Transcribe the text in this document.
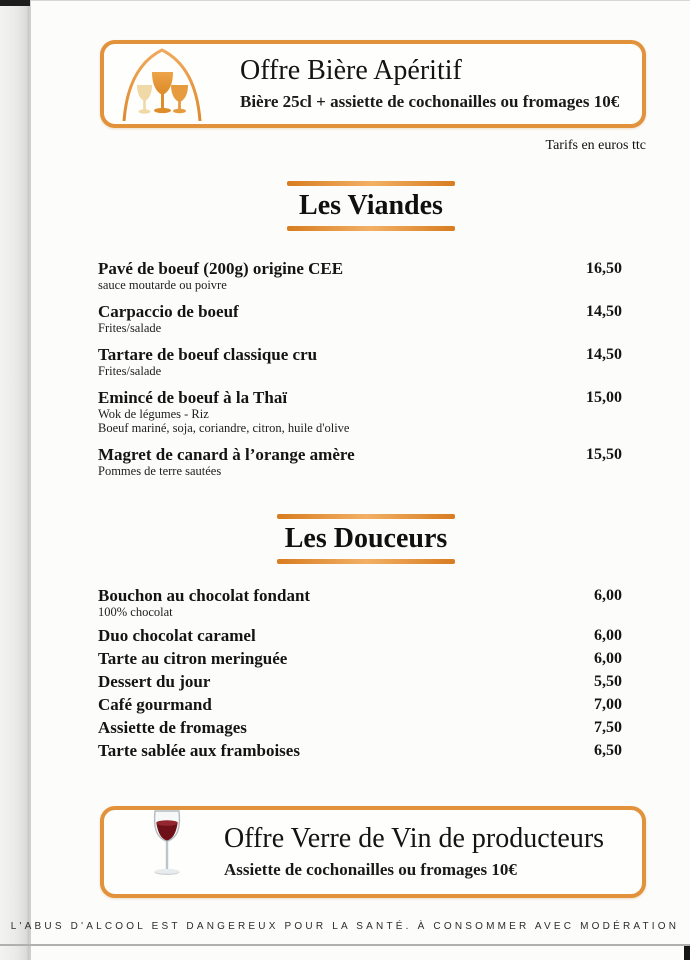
Offre Bière Apéritif
Bière 25cl + assiette de cochonailles ou fromages 10€
Tarifs en euros ttc
Les Viandes
Pavé de boeuf (200g) origine CEE
sauce moutarde ou poivre
16,50
Carpaccio de boeuf
Frites/salade
14,50
Tartare de boeuf classique cru
Frites/salade
14,50
Emincé de boeuf à la Thaï
Wok de légumes - Riz
Boeuf mariné, soja, coriandre, citron, huile d'olive
15,00
Magret de canard à l’orange amère
Pommes de terre sautées
15,50
Les Douceurs
Bouchon au chocolat fondant
100% chocolat
6,00
Duo chocolat caramel	6,00
Tarte au citron meringuée	6,00
Dessert du jour	5,50
Café gourmand	7,00
Assiette de fromages	7,50
Tarte sablée aux framboises	6,50
Offre Verre de Vin de producteurs
Assiette de cochonailles ou fromages 10€
L'ABUS D'ALCOOL EST DANGEREUX POUR LA SANTÉ. À CONSOMMER AVEC MODÉRATION
